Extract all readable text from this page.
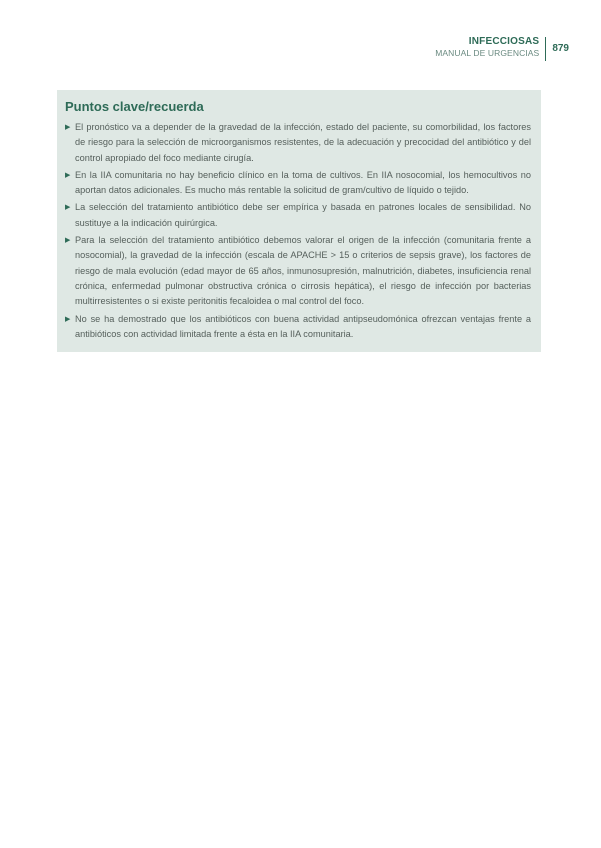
INFECCIOSAS
MANUAL DE URGENCIAS	879
Puntos clave/recuerda
▶ El pronóstico va a depender de la gravedad de la infección, estado del paciente, su comorbilidad, los factores de riesgo para la selección de microorganismos resistentes, de la adecuación y precocidad del antibiótico y del control apropiado del foco mediante cirugía.
▶ En la IIA comunitaria no hay beneficio clínico en la toma de cultivos. En IIA nosocomial, los hemocultivos no aportan datos adicionales. Es mucho más rentable la solicitud de gram/cultivo de líquido o tejido.
▶ La selección del tratamiento antibiótico debe ser empírica y basada en patrones locales de sensibilidad. No sustituye a la indicación quirúrgica.
▶ Para la selección del tratamiento antibiótico debemos valorar el origen de la infección (comunitaria frente a nosocomial), la gravedad de la infección (escala de APACHE > 15 o criterios de sepsis grave), los factores de riesgo de mala evolución (edad mayor de 65 años, inmunosupresión, malnutrición, diabetes, insuficiencia renal crónica, enfermedad pulmonar obstructiva crónica o cirrosis hepática), el riesgo de infección por bacterias multirresistentes o si existe peritonitis fecaloidea o mal control del foco.
▶ No se ha demostrado que los antibióticos con buena actividad antipseudomónica ofrezcan ventajas frente a antibióticos con actividad limitada frente a ésta en la IIA comunitaria.
